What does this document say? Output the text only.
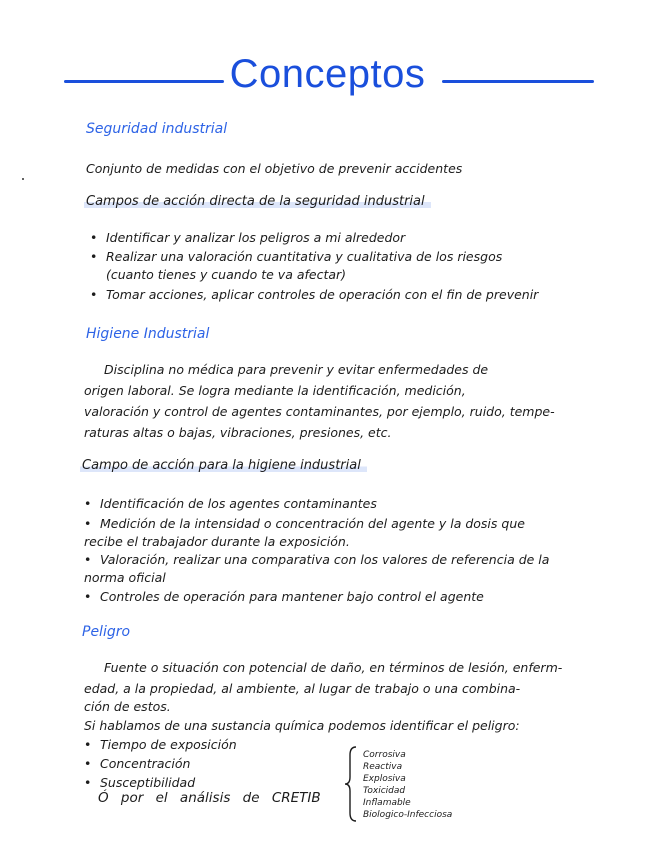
Conceptos
Seguridad industrial
Conjunto de medidas con el objetivo de prevenir accidentes
Campos de acción directa de la seguridad industrial
• Identificar y analizar los peligros a mi alrededor
• Realizar una valoración cuantitativa y cualitativa de los riesgos
(cuanto tienes y cuando te va afectar)
• Tomar acciones, aplicar controles de operación con el fin de prevenir
Higiene Industrial
Disciplina no médica para prevenir y evitar enfermedades de
origen laboral. Se logra mediante la identificación, medición,
valoración y control de agentes contaminantes, por ejemplo, ruido, tempe-
raturas altas o bajas, vibraciones, presiones, etc.
Campo de acción para la higiene industrial
• Identificación de los agentes contaminantes
• Medición de la intensidad o concentración del agente y la dosis que
recibe el trabajador durante la exposición.
• Valoración, realizar una comparativa con los valores de referencia de la
norma oficial
• Controles de operación para mantener bajo control el agente
Peligro
Fuente o situación con potencial de daño, en términos de lesión, enferm-
edad, a la propiedad, al ambiente, al lugar de trabajo o una combina-
ción de estos.
Si hablamos de una sustancia química podemos identificar el peligro:
• Tiempo de exposición
• Concentración
• Susceptibilidad
Ó por el análisis de CRETIB
Corrosiva
Reactiva
Explosiva
Toxicidad
Inflamable
Biologico-Infecciosa
